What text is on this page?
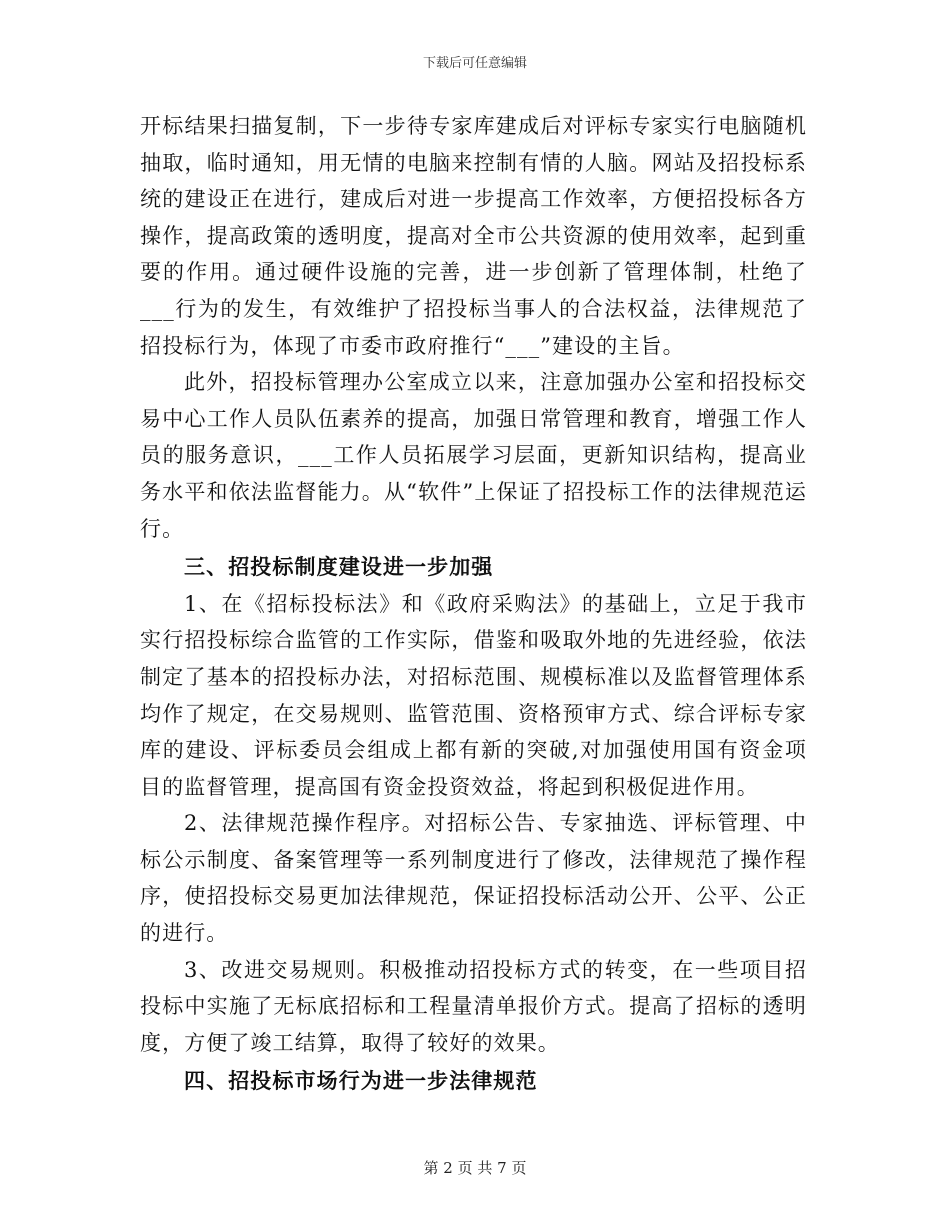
下载后可任意编辑

开标结果扫描复制，下一步待专家库建成后对评标专家实行电脑随机抽取，临时通知，用无情的电脑来控制有情的人脑。网站及招投标系统的建设正在进行，建成后对进一步提高工作效率，方便招投标各方操作，提高政策的透明度，提高对全市公共资源的使用效率，起到重要的作用。通过硬件设施的完善，进一步创新了管理体制，杜绝了___行为的发生，有效维护了招投标当事人的合法权益，法律规范了招投标行为，体现了市委市政府推行“___”建设的主旨。

此外，招投标管理办公室成立以来，注意加强办公室和招投标交易中心工作人员队伍素养的提高，加强日常管理和教育，增强工作人员的服务意识，___工作人员拓展学习层面，更新知识结构，提高业务水平和依法监督能力。从“软件”上保证了招投标工作的法律规范运行。

三、招投标制度建设进一步加强

1、在《招标投标法》和《政府采购法》的基础上，立足于我市实行招投标综合监管的工作实际，借鉴和吸取外地的先进经验，依法制定了基本的招投标办法，对招标范围、规模标准以及监督管理体系均作了规定，在交易规则、监管范围、资格预审方式、综合评标专家库的建设、评标委员会组成上都有新的突破,对加强使用国有资金项目的监督管理，提高国有资金投资效益，将起到积极促进作用。

2、法律规范操作程序。对招标公告、专家抽选、评标管理、中标公示制度、备案管理等一系列制度进行了修改，法律规范了操作程序，使招投标交易更加法律规范，保证招投标活动公开、公平、公正的进行。

3、改进交易规则。积极推动招投标方式的转变，在一些项目招投标中实施了无标底招标和工程量清单报价方式。提高了招标的透明度，方便了竣工结算，取得了较好的效果。

四、招投标市场行为进一步法律规范

第 2 页 共 7 页
